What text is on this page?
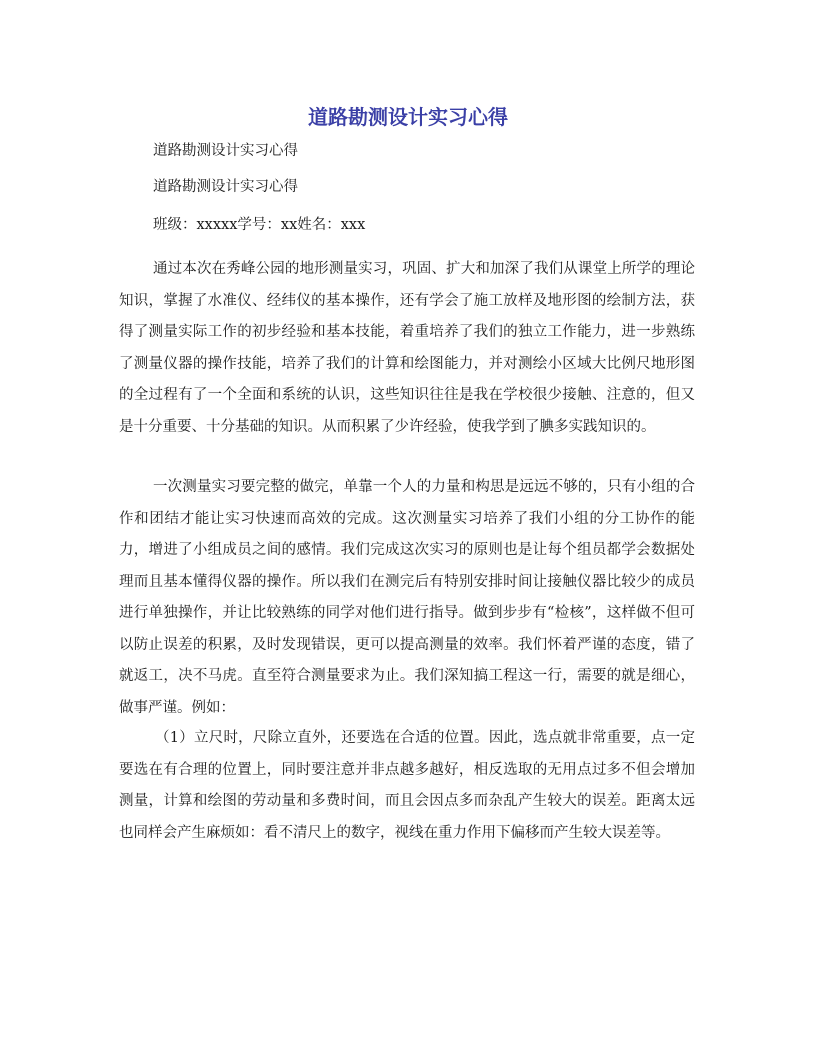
道路勘测设计实习心得
道路勘测设计实习心得
道路勘测设计实习心得
班级：xxxxx学号：xx姓名：xxx

通过本次在秀峰公园的地形测量实习，巩固、扩大和加深了我们从课堂上所学的理论知识，掌握了水准仪、经纬仪的基本操作，还有学会了施工放样及地形图的绘制方法，获得了测量实际工作的初步经验和基本技能，着重培养了我们的独立工作能力，进一步熟练了测量仪器的操作技能，培养了我们的计算和绘图能力，并对测绘小区域大比例尺地形图的全过程有了一个全面和系统的认识，这些知识往往是我在学校很少接触、注意的，但又是十分重要、十分基础的知识。从而积累了少许经验，使我学到了腆多实践知识的。

一次测量实习要完整的做完，单靠一个人的力量和构思是远远不够的，只有小组的合作和团结才能让实习快速而高效的完成。这次测量实习培养了我们小组的分工协作的能力，增进了小组成员之间的感情。我们完成这次实习的原则也是让每个组员都学会数据处理而且基本懂得仪器的操作。所以我们在测完后有特别安排时间让接触仪器比较少的成员进行单独操作，并让比较熟练的同学对他们进行指导。做到步步有“检核”，这样做不但可以防止误差的积累，及时发现错误，更可以提高测量的效率。我们怀着严谨的态度，错了就返工，决不马虎。直至符合测量要求为止。我们深知搞工程这一行，需要的就是细心，做事严谨。例如：

（1）立尺时，尺除立直外，还要选在合适的位置。因此，选点就非常重要，点一定要选在有合理的位置上，同时要注意并非点越多越好，相反选取的无用点过多不但会增加测量，计算和绘图的劳动量和多费时间，而且会因点多而杂乱产生较大的误差。距离太远也同样会产生麻烦如：看不清尺上的数字，视线在重力作用下偏移而产生较大误差等。
